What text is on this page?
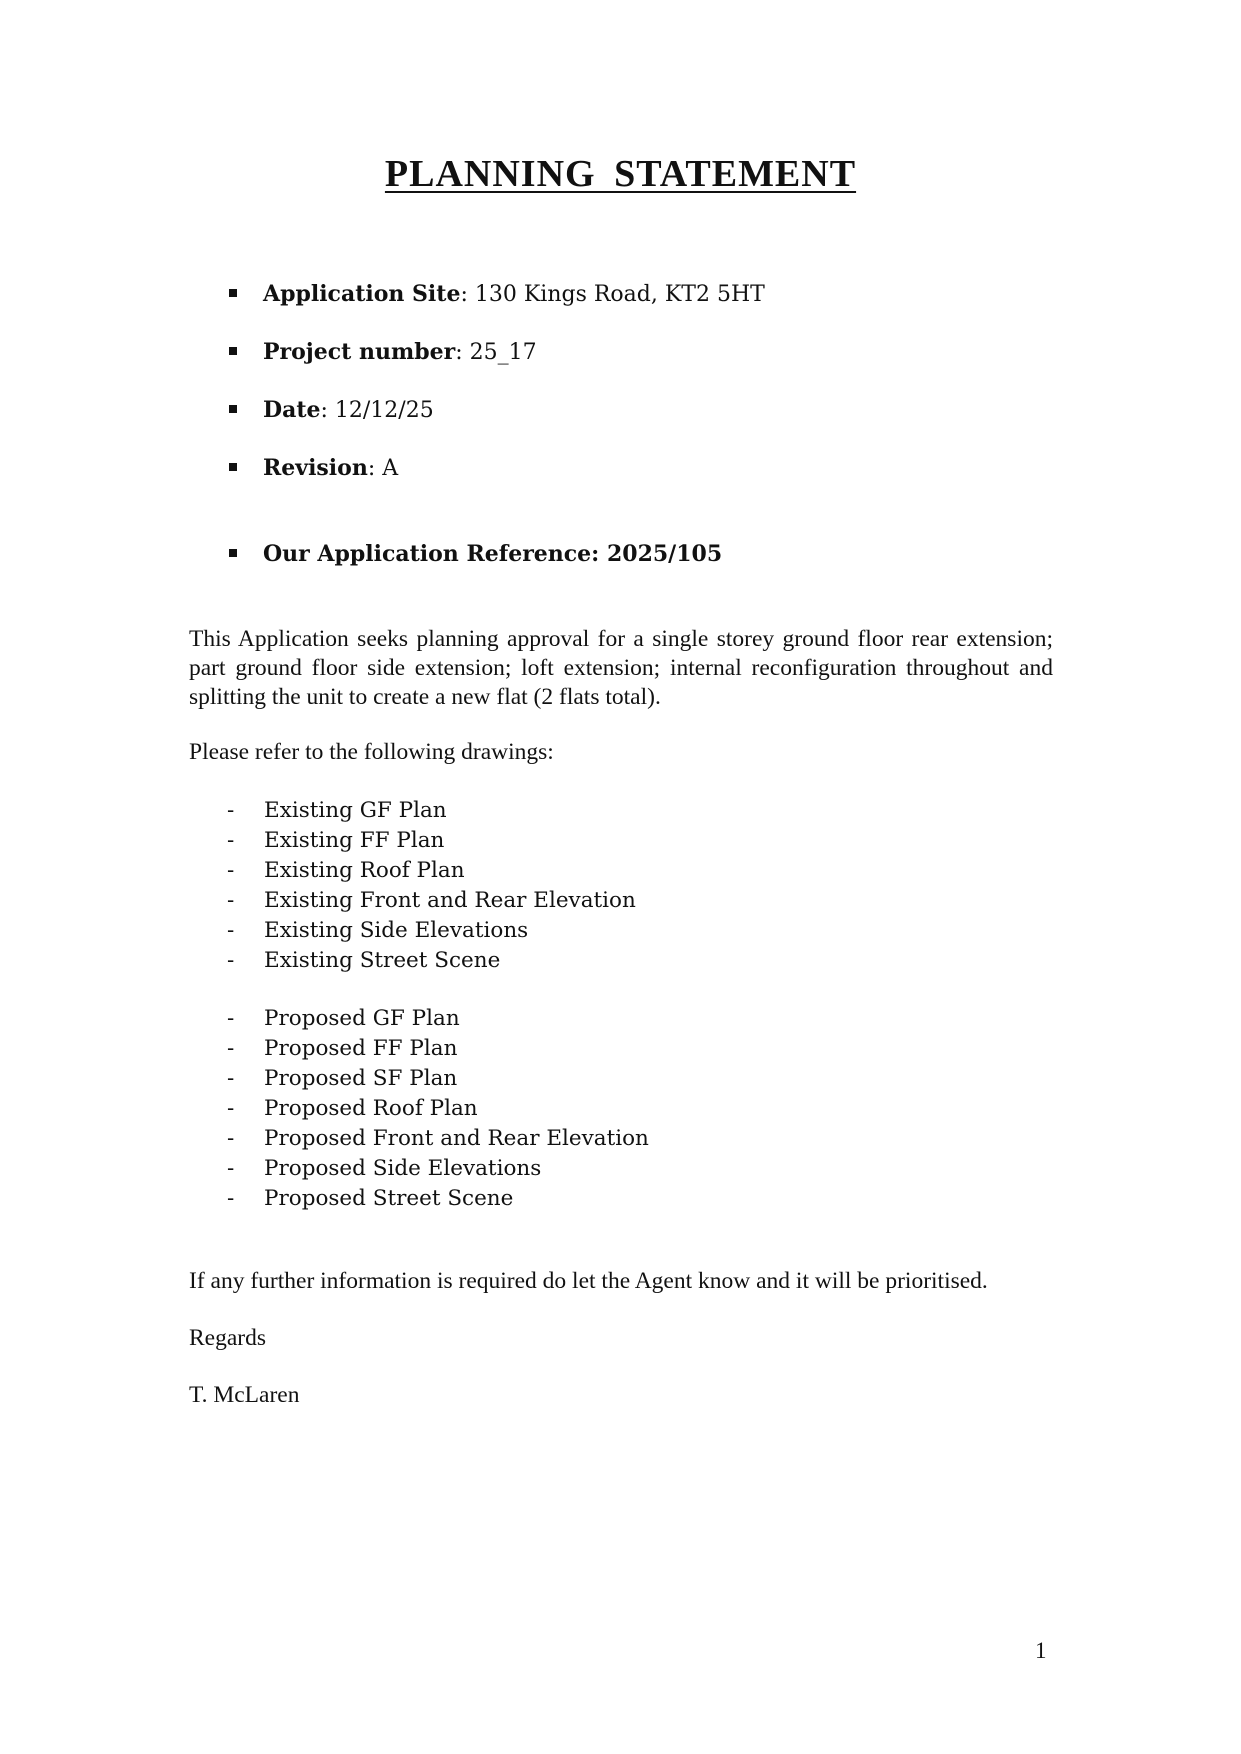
PLANNING STATEMENT
Application Site: 130 Kings Road, KT2 5HT
Project number: 25_17
Date: 12/12/25
Revision: A
Our Application Reference: 2025/105

This Application seeks planning approval for a single storey ground floor rear extension; part ground floor side extension; loft extension; internal reconfiguration throughout and splitting the unit to create a new flat (2 flats total).

Please refer to the following drawings:

- Existing GF Plan
- Existing FF Plan
- Existing Roof Plan
- Existing Front and Rear Elevation
- Existing Side Elevations
- Existing Street Scene
- Proposed GF Plan
- Proposed FF Plan
- Proposed SF Plan
- Proposed Roof Plan
- Proposed Front and Rear Elevation
- Proposed Side Elevations
- Proposed Street Scene

If any further information is required do let the Agent know and it will be prioritised.

Regards

T. McLaren

1
